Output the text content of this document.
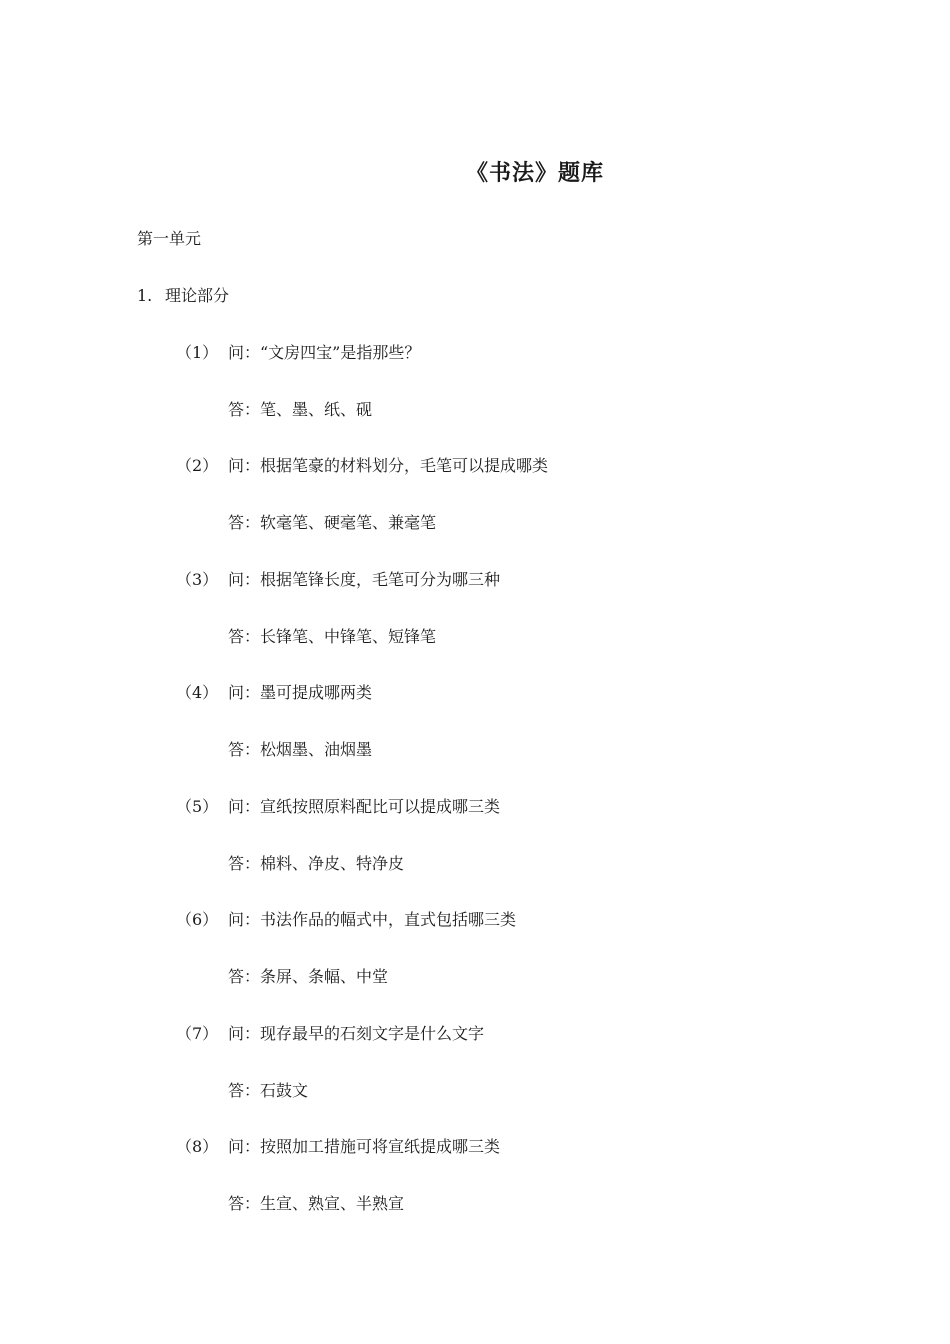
《书法》题库
第一单元
1. 理论部分
（1） 问：“文房四宝”是指那些？
答：笔、墨、纸、砚
（2） 问：根据笔豪的材料划分，毛笔可以提成哪类
答：软毫笔、硬毫笔、兼毫笔
（3） 问：根据笔锋长度，毛笔可分为哪三种
答：长锋笔、中锋笔、短锋笔
（4） 问：墨可提成哪两类
答：松烟墨、油烟墨
（5） 问：宣纸按照原料配比可以提成哪三类
答：棉料、净皮、特净皮
（6） 问：书法作品的幅式中，直式包括哪三类
答：条屏、条幅、中堂
（7） 问：现存最早的石刻文字是什么文字
答：石鼓文
（8） 问：按照加工措施可将宣纸提成哪三类
答：生宣、熟宣、半熟宣
